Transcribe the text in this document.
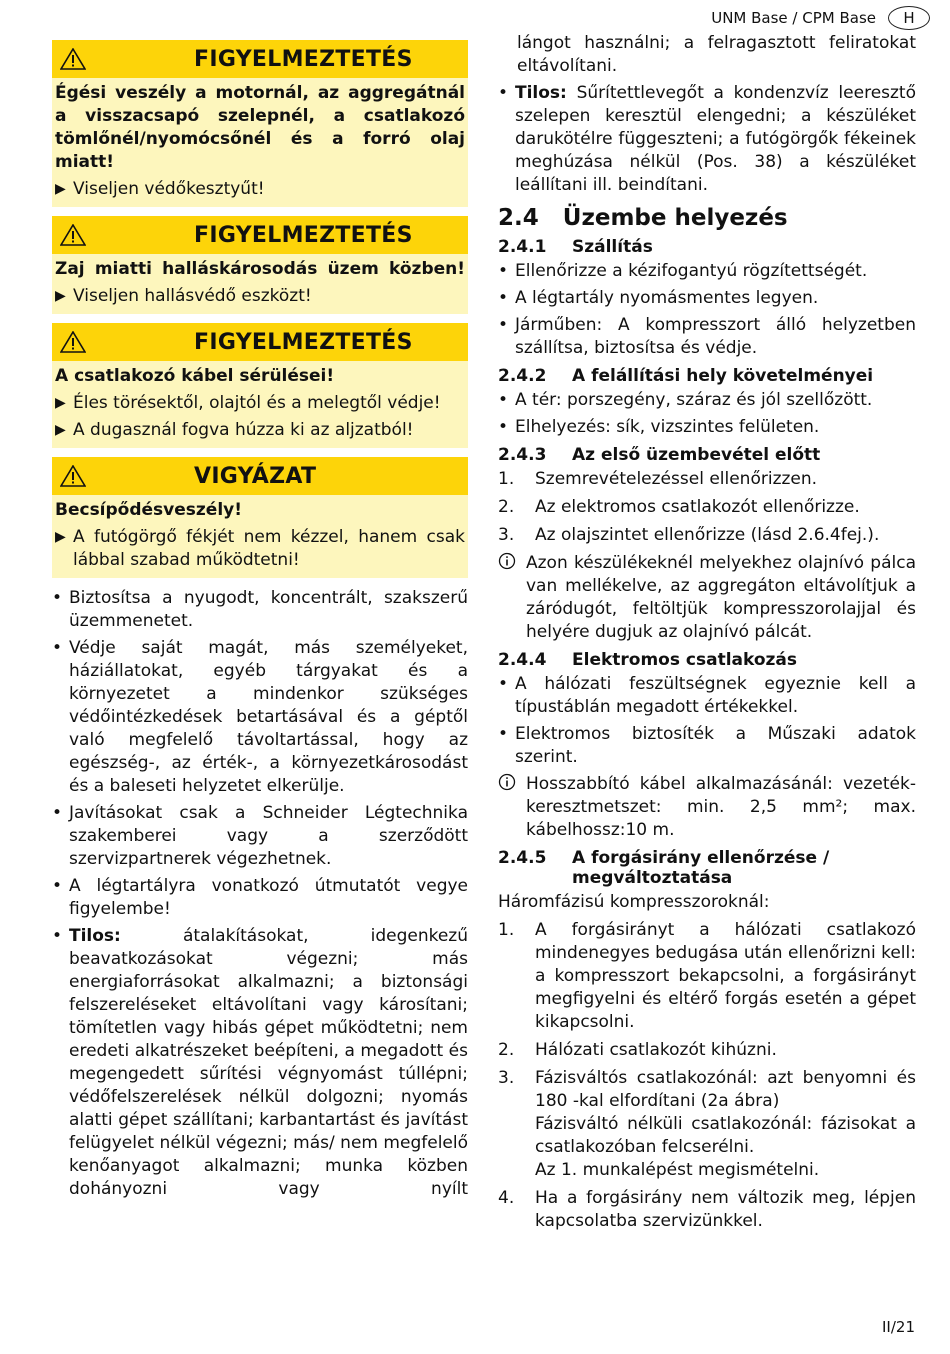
UNM Base / CPM Base	H
FIGYELMEZTETÉS
Égési veszély a motornál, az aggregátnál a visszacsapó szelepnél, a csatlakozó tömlőnél/nyomócsőnél és a forró olaj miatt!
▶ Viseljen védőkesztyűt!
FIGYELMEZTETÉS
Zaj miatti halláskárosodás üzem közben!
▶ Viseljen hallásvédő eszközt!
FIGYELMEZTETÉS
A csatlakozó kábel sérülései!
▶ Éles törésektől, olajtól és a melegtől védje!
▶ A dugasznál fogva húzza ki az aljzatból!
VIGYÁZAT
Becsípődésveszély!
▶ A futógörgő fékjét nem kézzel, hanem csak lábbal szabad működtetni!
• Biztosítsa a nyugodt, koncentrált, szakszerű üzemmenetet.
• Védje saját magát, más személyeket, háziállatokat, egyéb tárgyakat és a környezetet a mindenkor szükséges védőintézkedések betartásával és a géptől való megfelelő távoltartással, hogy az egészség-, az érték-, a környezetkárosodást és a baleseti helyzetet elkerülje.
• Javításokat csak a Schneider Légtechnika szakemberei vagy a szerződött szervizpartnerek végezhetnek.
• A légtartályra vonatkozó útmutatót vegye figyelembe!
• Tilos:	átalakításokat, idegenkezű beavatkozásokat végezni; más energiaforrásokat alkalmazni; a biztonsági felszereléseket eltávolítani vagy károsítani; tömítetlen vagy hibás gépet működtetni; nem eredeti alkatrészeket beépíteni, a megadott és megengedett sűrítési végnyomást túllépni; védőfelszerelések nélkül dolgozni; nyomás alatti gépet szállítani; karbantartást és javítást felügyelet nélkül végezni; más/ nem megfelelő kenőanyagot alkalmazni; munka közben dohányozni vagy nyílt
lángot használni; a felragasztott feliratokat eltávolítani.
• Tilos: Sűrítettlevegőt a kondenzvíz leeresztő szelepen keresztül elengedni; a készüléket darukötélre függeszteni; a futógörgők fékeinek meghúzása nélkül (Pos. 38) a készüléket leállítani ill. beindítani.
2.4 Üzembe helyezés
2.4.1	Szállítás
• Ellenőrizze a kézifogantyú rögzítettségét.
• A légtartály nyomásmentes legyen.
• Járműben: A kompresszort álló helyzetben szállítsa, biztosítsa és védje.
2.4.2	A felállítási hely követelményei
• A tér: porszegény, száraz és jól szellőzött.
• Elhelyezés: sík, vizszintes felületen.
2.4.3	Az első üzembevétel előtt
1.	Szemrevételezéssel ellenőrizzen.
2.	Az elektromos csatlakozót ellenőrizze.
3.	Az olajszintet ellenőrizze (lásd 2.6.4fej.).
Azon készülékeknél melyekhez olajnívó pálca van mellékelve, az aggregáton eltávolítjuk a záródugót, feltöltjük kompresszorolajjal és helyére dugjuk az olajnívó pálcát.
2.4.4	Elektromos csatlakozás
• A hálózati feszültségnek egyeznie kell a típustáblán megadott értékekkel.
• Elektromos biztosíték a Műszaki adatok szerint.
Hosszabbító kábel alkalmazásánál: vezeték-keresztmetszet: min. 2,5 mm²; max. kábelhossz:10 m.
2.4.5	A forgásirány ellenőrzése / megváltoztatása
Háromfázisú kompresszoroknál:
1.	A forgásirányt a hálózati csatlakozó mindenegyes bedugása után ellenőrizni kell: a kompresszort bekapcsolni, a forgásirányt megfigyelni és eltérő forgás esetén a gépet kikapcsolni.
2.	Hálózati csatlakozót kihúzni.
3.	Fázisváltós csatlakozónál: azt benyomni és 180 -kal elfordítani (2a ábra)
Fázisváltó nélküli csatlakozónál: fázisokat a csatlakozóban felcserélni.
Az 1. munkalépést megismételni.
4.	Ha a forgásirány nem változik meg, lépjen kapcsolatba szervizünkkel.
II/21
